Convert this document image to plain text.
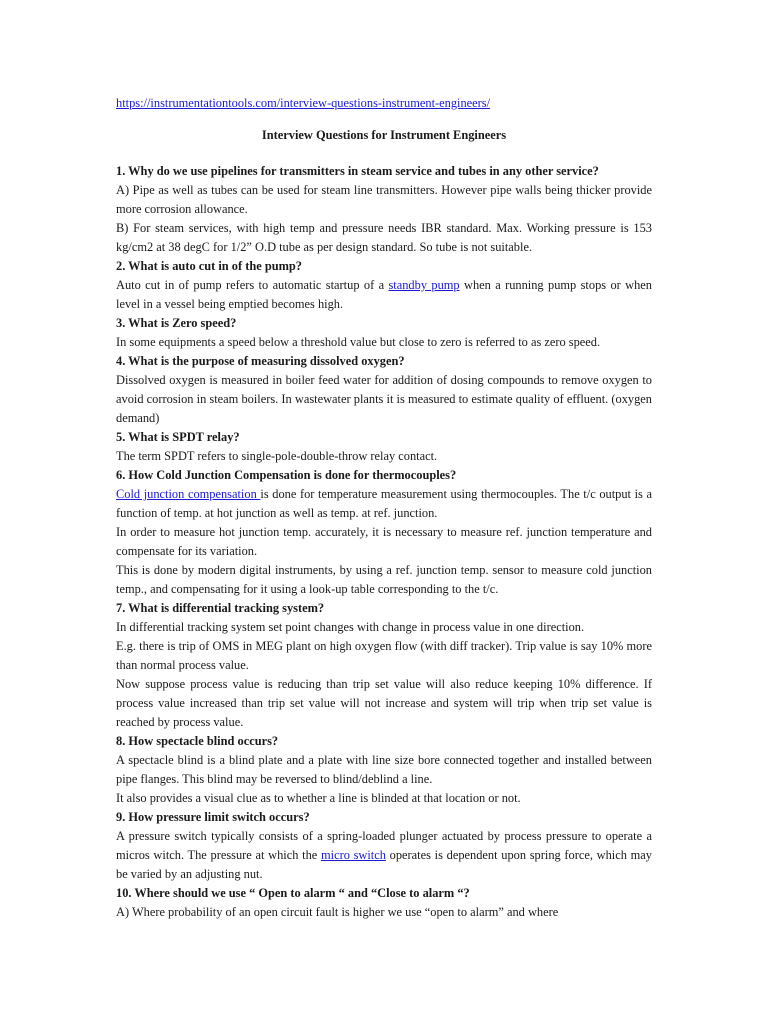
https://instrumentationtools.com/interview-questions-instrument-engineers/
Interview Questions for Instrument Engineers
1. Why do we use pipelines for transmitters in steam service and tubes in any other service?
A) Pipe as well as tubes can be used for steam line transmitters. However pipe walls being thicker provide more corrosion allowance.
B) For steam services, with high temp and pressure needs IBR standard. Max. Working pressure is 153 kg/cm2 at 38 degC for 1/2” O.D tube as per design standard. So tube is not suitable.
2. What is auto cut in of the pump?
Auto cut in of pump refers to automatic startup of a standby pump when a running pump stops or when level in a vessel being emptied becomes high.
3. What is Zero speed?
In some equipments a speed below a threshold value but close to zero is referred to as zero speed.
4. What is the purpose of measuring dissolved oxygen?
Dissolved oxygen is measured in boiler feed water for addition of dosing compounds to remove oxygen to avoid corrosion in steam boilers. In wastewater plants it is measured to estimate quality of effluent. (oxygen demand)
5. What is SPDT relay?
The term SPDT refers to single-pole-double-throw relay contact.
6. How Cold Junction Compensation is done for thermocouples?
Cold junction compensation is done for temperature measurement using thermocouples. The t/c output is a function of temp. at hot junction as well as temp. at ref. junction.
In order to measure hot junction temp. accurately, it is necessary to measure ref. junction temperature and compensate for its variation.
This is done by modern digital instruments, by using a ref. junction temp. sensor to measure cold junction temp., and compensating for it using a look-up table corresponding to the t/c.
7. What is differential tracking system?
In differential tracking system set point changes with change in process value in one direction.
E.g. there is trip of OMS in MEG plant on high oxygen flow (with diff tracker). Trip value is say 10% more than normal process value.
Now suppose process value is reducing than trip set value will also reduce keeping 10% difference. If process value increased than trip set value will not increase and system will trip when trip set value is reached by process value.
8. How spectacle blind occurs?
A spectacle blind is a blind plate and a plate with line size bore connected together and installed between pipe flanges. This blind may be reversed to blind/deblind a line.
It also provides a visual clue as to whether a line is blinded at that location or not.
9. How pressure limit switch occurs?
A pressure switch typically consists of a spring-loaded plunger actuated by process pressure to operate a micros witch. The pressure at which the micro switch operates is dependent upon spring force, which may be varied by an adjusting nut.
10. Where should we use “ Open to alarm “ and “Close to alarm “?
A) Where probability of an open circuit fault is higher we use “open to alarm” and where
